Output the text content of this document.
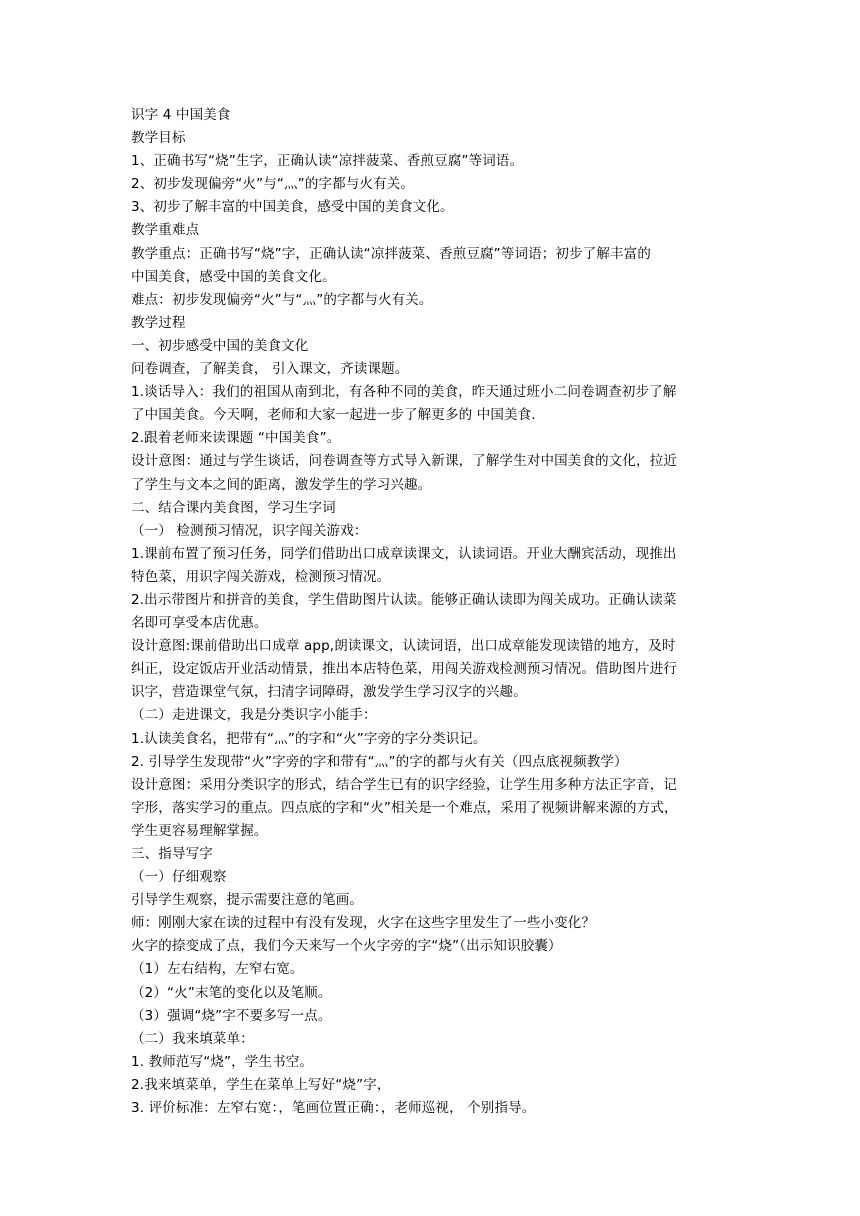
识字 4 中国美食
教学目标
1、正确书写“烧”生字，正确认读“凉拌菠菜、香煎豆腐”等词语。
2、初步发现偏旁“火”与“灬”的字都与火有关。
3、初步了解丰富的中国美食，感受中国的美食文化。
教学重难点
教学重点：正确书写“烧”字，正确认读“凉拌菠菜、香煎豆腐”等词语；初步了解丰富的
中国美食，感受中国的美食文化。
难点：初步发现偏旁“火”与“灬”的字都与火有关。
教学过程
一、初步感受中国的美食文化
问卷调查，了解美食， 引入课文，齐读课题。
1.谈话导入：我们的祖国从南到北，有各种不同的美食，昨天通过班小二问卷调查初步了解
了中国美食。今天啊，老师和大家一起进一步了解更多的 中国美食.
2.跟着老师来读课题 “中国美食”。
设计意图：通过与学生谈话，问卷调查等方式导入新课，了解学生对中国美食的文化，拉近
了学生与文本之间的距离，激发学生的学习兴趣。
二、结合课内美食图，学习生字词
（一） 检测预习情况，识字闯关游戏：
1.课前布置了预习任务，同学们借助出口成章读课文，认读词语。开业大酬宾活动，现推出
特色菜，用识字闯关游戏，检测预习情况。
2.出示带图片和拼音的美食，学生借助图片认读。能够正确认读即为闯关成功。正确认读菜
名即可享受本店优惠。
设计意图:课前借助出口成章 app,朗读课文，认读词语，出口成章能发现读错的地方，及时
纠正，设定饭店开业活动情景，推出本店特色菜，用闯关游戏检测预习情况。借助图片进行
识字，营造课堂气氛，扫清字词障碍，激发学生学习汉字的兴趣。
（二）走进课文，我是分类识字小能手：
1.认读美食名，把带有“灬”的字和“火”字旁的字分类识记。
2. 引导学生发现带“火”字旁的字和带有“灬”的字的都与火有关（四点底视频教学）
设计意图：采用分类识字的形式，结合学生已有的识字经验，让学生用多种方法正字音，记
字形，落实学习的重点。四点底的字和“火”相关是一个难点，采用了视频讲解来源的方式，
学生更容易理解掌握。
三、指导写字
（一）仔细观察
引导学生观察，提示需要注意的笔画。
师：刚刚大家在读的过程中有没有发现，火字在这些字里发生了一些小变化？
火字的捺变成了点，我们今天来写一个火字旁的字“烧”（出示知识胶囊）
（1）左右结构，左窄右宽。
（2）“火”末笔的变化以及笔顺。
（3）强调“烧”字不要多写一点。
（二）我来填菜单：
1. 教师范写“烧”，学生书空。
2.我来填菜单，学生在菜单上写好“烧”字，
3. 评价标准：左窄右宽：，笔画位置正确：，老师巡视， 个别指导。
